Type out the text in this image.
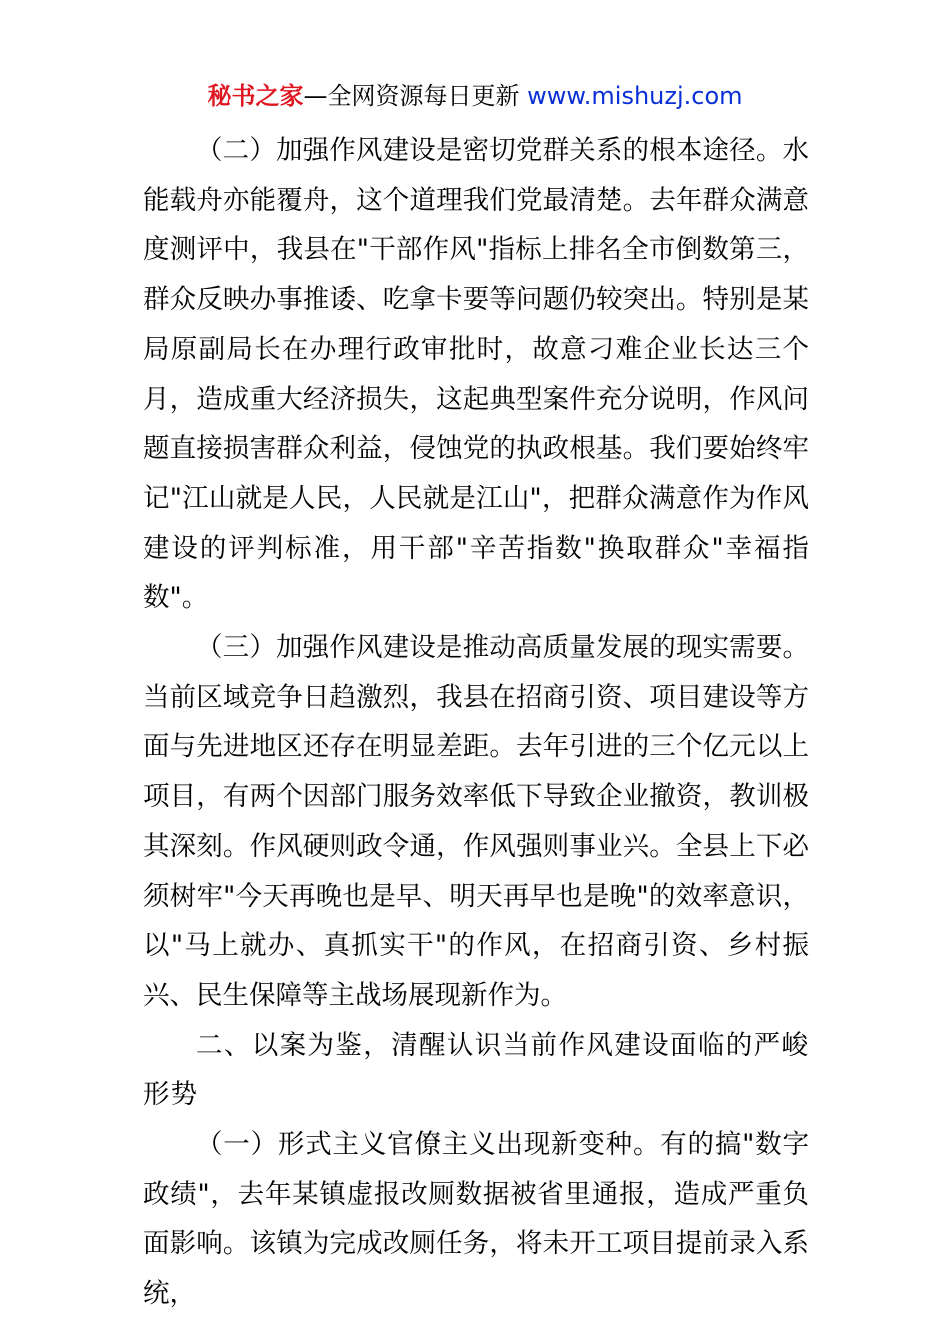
秘书之家—全网资源每日更新 www.mishuzj.com

（二）加强作风建设是密切党群关系的根本途径。水能载舟亦能覆舟，这个道理我们党最清楚。去年群众满意度测评中，我县在"干部作风"指标上排名全市倒数第三，群众反映办事推诿、吃拿卡要等问题仍较突出。特别是某局原副局长在办理行政审批时，故意刁难企业长达三个月，造成重大经济损失，这起典型案件充分说明，作风问题直接损害群众利益，侵蚀党的执政根基。我们要始终牢记"江山就是人民，人民就是江山"，把群众满意作为作风建设的评判标准，用干部"辛苦指数"换取群众"幸福指数"。

（三）加强作风建设是推动高质量发展的现实需要。当前区域竞争日趋激烈，我县在招商引资、项目建设等方面与先进地区还存在明显差距。去年引进的三个亿元以上项目，有两个因部门服务效率低下导致企业撤资，教训极其深刻。作风硬则政令通，作风强则事业兴。全县上下必须树牢"今天再晚也是早、明天再早也是晚"的效率意识，以"马上就办、真抓实干"的作风，在招商引资、乡村振兴、民生保障等主战场展现新作为。

二、以案为鉴，清醒认识当前作风建设面临的严峻形势

（一）形式主义官僚主义出现新变种。有的搞"数字政绩"，去年某镇虚报改厕数据被省里通报，造成严重负面影响。该镇为完成改厕任务，将未开工项目提前录入系统，
